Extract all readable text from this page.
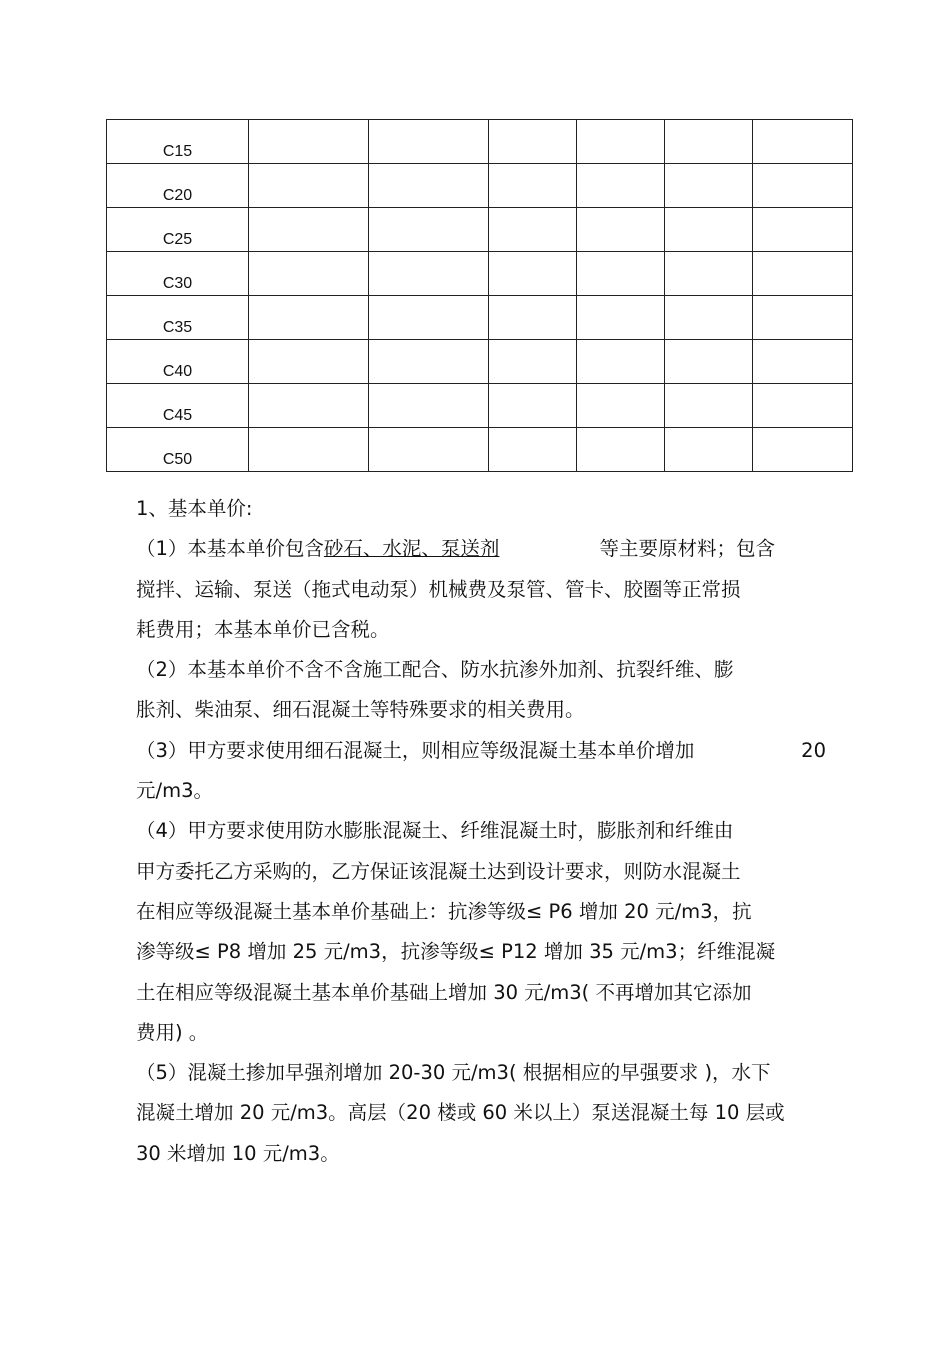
C15						
C20						
C25						
C30						
C35						
C40						
C45						
C50						

1、基本单价:

（1）本基本单价包含砂石、水泥、泵送剂	等主要原材料；包含

搅拌、运输、泵送（拖式电动泵）机械费及泵管、管卡、胶圈等正常损

耗费用；本基本单价已含税。

（2）本基本单价不含不含施工配合、防水抗渗外加剂、抗裂纤维、膨

胀剂、柴油泵、细石混凝土等特殊要求的相关费用。

（3）甲方要求使用细石混凝土，则相应等级混凝土基本单价增加	20

元/m3。

（4）甲方要求使用防水膨胀混凝土、纤维混凝土时，膨胀剂和纤维由

甲方委托乙方采购的，乙方保证该混凝土达到设计要求，则防水混凝土

在相应等级混凝土基本单价基础上：抗渗等级≤ P6 增加 20 元/m3，抗

渗等级≤ P8 增加 25 元/m3，抗渗等级≤ P12 增加 35 元/m3；纤维混凝

土在相应等级混凝土基本单价基础上增加 30 元/m3( 不再增加其它添加

费用) 。

（5）混凝土掺加早强剂增加 20-30 元/m3( 根据相应的早强要求 )，水下

混凝土增加 20 元/m3。高层（20 楼或 60 米以上）泵送混凝土每 10 层或

30 米增加 10 元/m3。
